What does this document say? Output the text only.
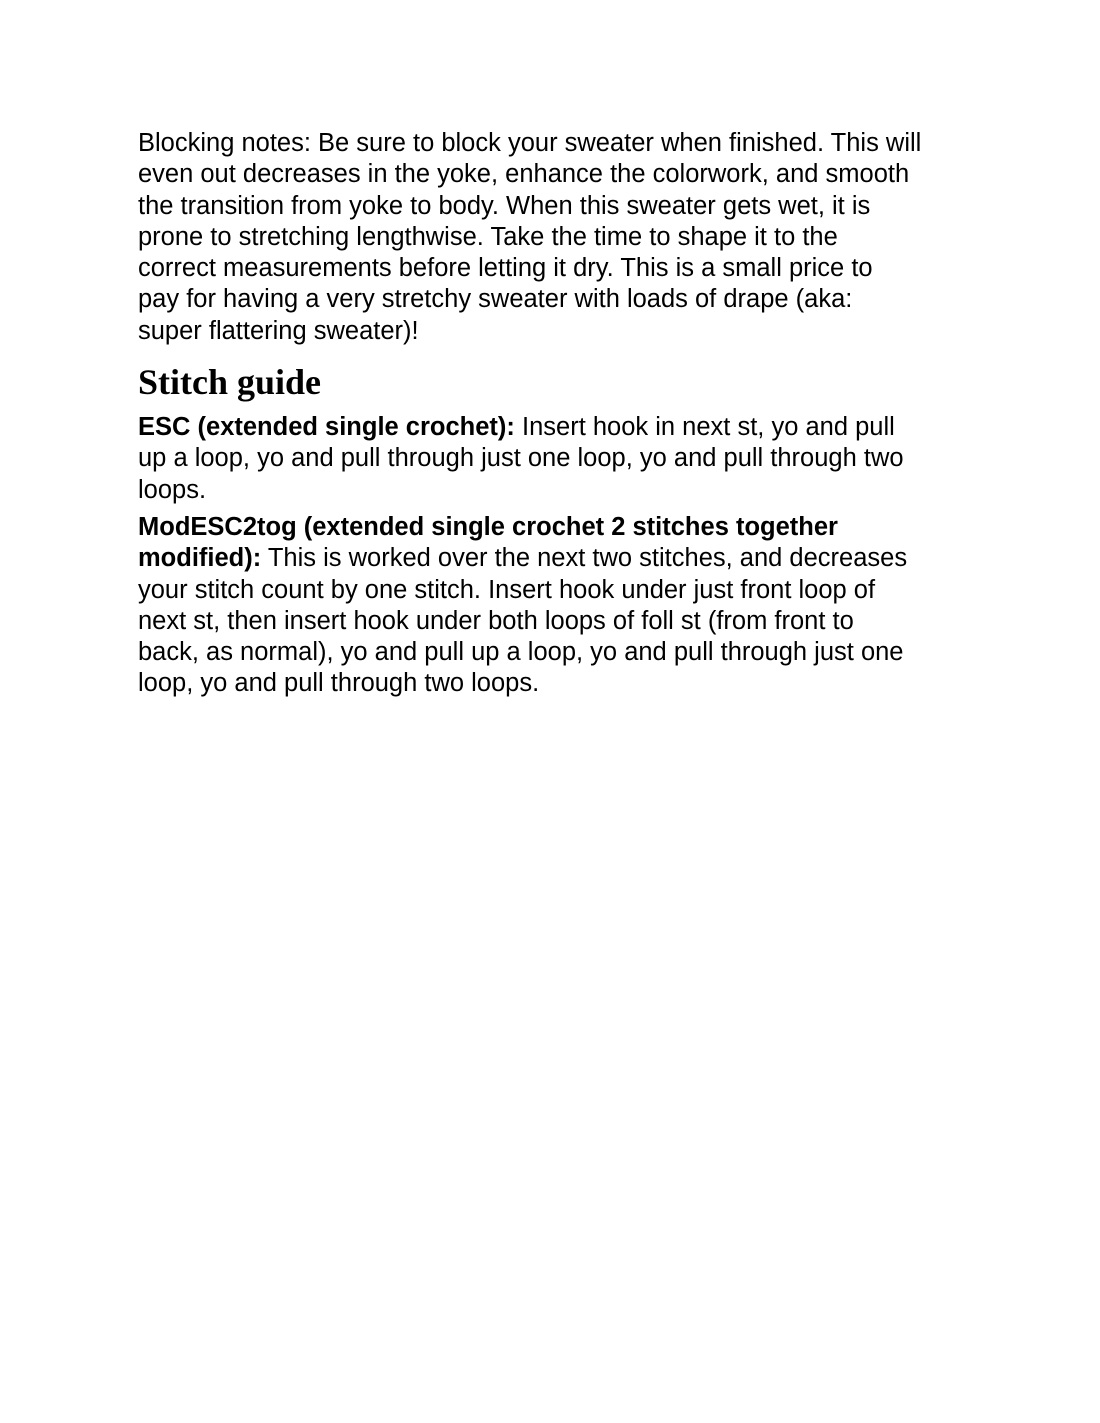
Blocking notes: Be sure to block your sweater when finished. This will
even out decreases in the yoke, enhance the colorwork, and smooth
the transition from yoke to body. When this sweater gets wet, it is
prone to stretching lengthwise. Take the time to shape it to the
correct measurements before letting it dry. This is a small price to
pay for having a very stretchy sweater with loads of drape (aka:
super flattering sweater)!

Stitch guide

ESC (extended single crochet): Insert hook in next st, yo and pull
up a loop, yo and pull through just one loop, yo and pull through two
loops.

ModESC2tog (extended single crochet 2 stitches together
modified): This is worked over the next two stitches, and decreases
your stitch count by one stitch. Insert hook under just front loop of
next st, then insert hook under both loops of foll st (from front to
back, as normal), yo and pull up a loop, yo and pull through just one
loop, yo and pull through two loops.
